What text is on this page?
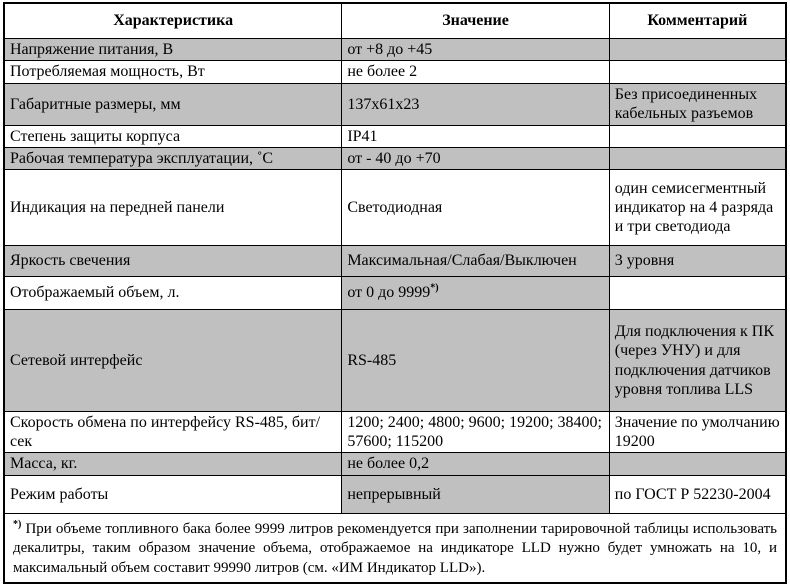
Характеристика	Значение	Комментарий
Напряжение питания, В	от +8 до +45	
Потребляемая мощность, Вт	не более 2	
Габаритные размеры, мм	137x61x23	Без присоединенных кабельных разъемов
Степень защиты корпуса	IP41	
Рабочая температура эксплуатации, ˚С	от - 40 до +70	
Индикация на передней панели	Светодиодная	один семисегментный индикатор на 4 разряда и три светодиода
Яркость свечения	Максимальная/Слабая/Выключен	3 уровня
Отображаемый объем, л.	от 0 до 9999*)	
Сетевой интерфейс	RS-485	Для подключения к ПК (через УНУ) и для подключения датчиков уровня топлива LLS
Скорость обмена по интерфейсу RS-485, бит/сек	1200; 2400; 4800; 9600; 19200; 38400; 57600; 115200	Значение по умолчанию 19200
Масса, кг.	не более 0,2	
Режим работы	непрерывный	по ГОСТ Р 52230-2004
*) При объеме топливного бака более 9999 литров рекомендуется при заполнении тарировочной таблицы использовать декалитры, таким образом значение объема, отображаемое на индикаторе LLD нужно будет умножать на 10, и максимальный объем составит 99990 литров (см. «ИМ Индикатор LLD»).		
